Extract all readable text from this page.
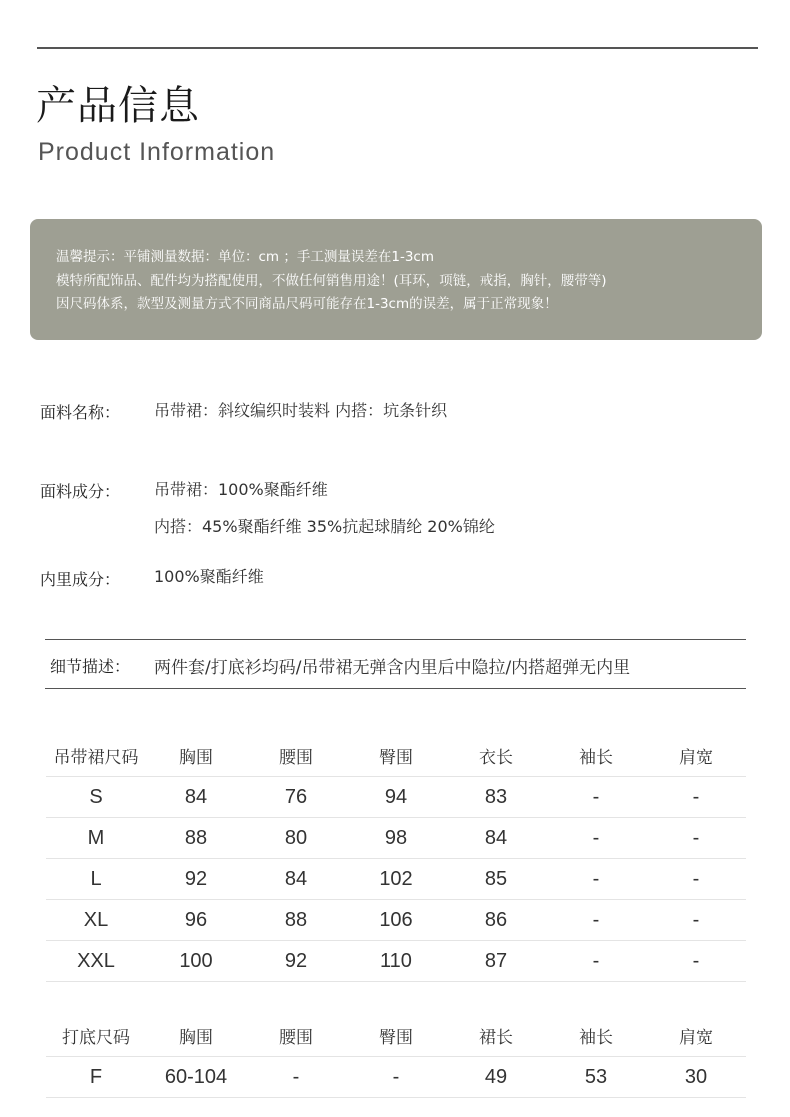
产品信息
Product Information
温馨提示：平铺测量数据：单位：cm ；手工测量误差在1-3cm
模特所配饰品、配件均为搭配使用，不做任何销售用途！(耳环，项链，戒指，胸针，腰带等)
因尺码体系，款型及测量方式不同商品尺码可能存在1-3cm的误差，属于正常现象！
面料名称： 吊带裙：斜纹编织时装料 内搭：坑条针织
面料成分： 吊带裙：100%聚酯纤维
内搭：45%聚酯纤维 35%抗起球腈纶 20%锦纶
内里成分： 100%聚酯纤维
细节描述： 两件套/打底衫均码/吊带裙无弹含内里后中隐拉/内搭超弹无内里
吊带裙尺码	胸围	腰围	臀围	衣长	袖长	肩宽
S	84	76	94	83	-	-
M	88	80	98	84	-	-
L	92	84	102	85	-	-
XL	96	88	106	86	-	-
XXL	100	92	110	87	-	-
打底尺码	胸围	腰围	臀围	裙长	袖长	肩宽
F	60-104	-	-	49	53	30
